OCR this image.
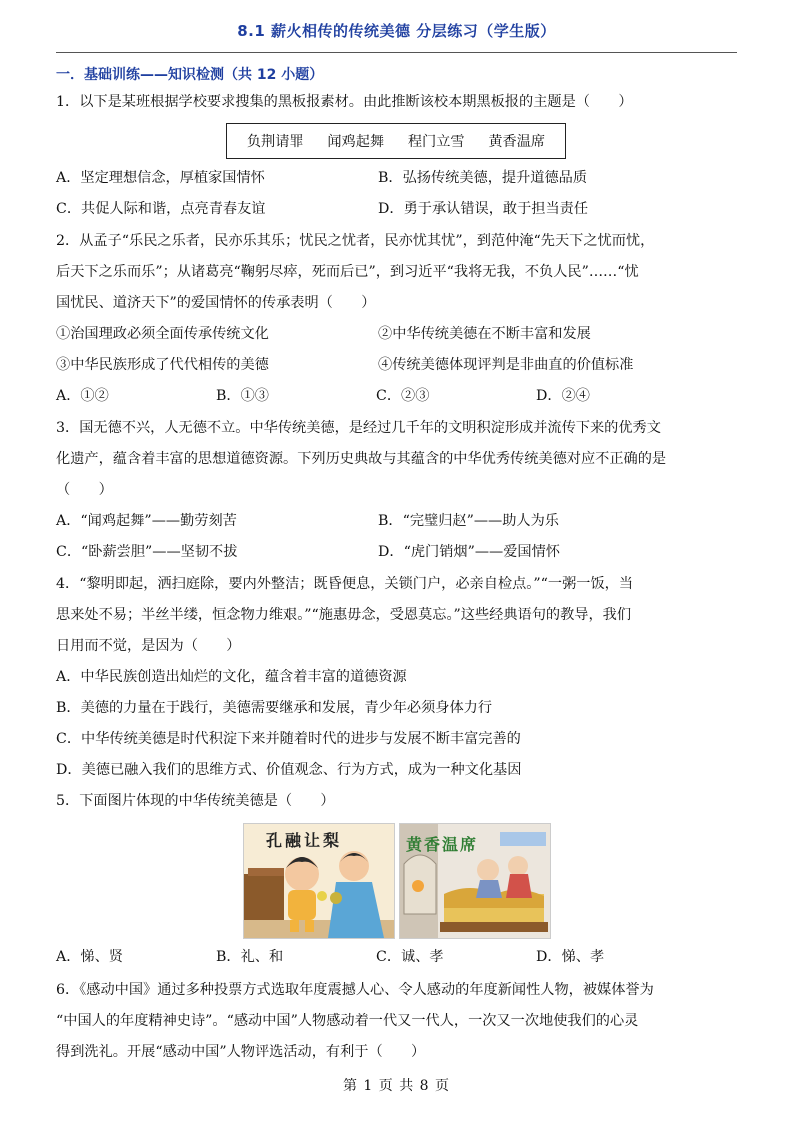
8.1 薪火相传的传统美德 分层练习（学生版）
一．基础训练——知识检测（共 12 小题）
1．以下是某班根据学校要求搜集的黑板报素材。由此推断该校本期黑板报的主题是（　　）
负荆请罪 闻鸡起舞 程门立雪 黄香温席
A．坚定理想信念，厚植家国情怀	B．弘扬传统美德，提升道德品质
C．共促人际和谐，点亮青春友谊	D．勇于承认错误，敢于担当责任
2．从孟子“乐民之乐者，民亦乐其乐；忧民之忧者，民亦忧其忧”，到范仲淹“先天下之忧而忧，
后天下之乐而乐”；从诸葛亮“鞠躬尽瘁，死而后已”，到习近平“我将无我，不负人民”……“忧
国忧民、道济天下”的爱国情怀的传承表明（　　）
①治国理政必须全面传承传统文化	②中华传统美德在不断丰富和发展
③中华民族形成了代代相传的美德	④传统美德体现评判是非曲直的价值标准
A．①②	B．①③	C．②③	D．②④
3．国无德不兴，人无德不立。中华传统美德，是经过几千年的文明积淀形成并流传下来的优秀文
化遗产，蕴含着丰富的思想道德资源。下列历史典故与其蕴含的中华优秀传统美德对应不正确的是
（　　）
A．“闻鸡起舞”——勤劳刻苦	B．“完璧归赵”——助人为乐
C．“卧薪尝胆”——坚韧不拔	D．“虎门销烟”——爱国情怀
4．“黎明即起，洒扫庭除，要内外整洁；既昏便息，关锁门户，必亲自检点。”“一粥一饭，当
思来处不易；半丝半缕，恒念物力维艰。”“施惠毋念，受恩莫忘。”这些经典语句的教导，我们
日用而不觉，是因为（　　）
A．中华民族创造出灿烂的文化，蕴含着丰富的道德资源
B．美德的力量在于践行，美德需要继承和发展，青少年必须身体力行
C．中华传统美德是时代积淀下来并随着时代的进步与发展不断丰富完善的
D．美德已融入我们的思维方式、价值观念、行为方式，成为一种文化基因
5．下面图片体现的中华传统美德是（　　）
孔融让梨	黄香温席
A．悌、贤	B．礼、和	C．诚、孝	D．悌、孝
6．《感动中国》通过多种投票方式选取年度震撼人心、令人感动的年度新闻性人物，被媒体誉为
“中国人的年度精神史诗”。“感动中国”人物感动着一代又一代人，一次又一次地使我们的心灵
得到洗礼。开展“感动中国”人物评选活动，有利于（　　）
第 1 页 共 8 页
